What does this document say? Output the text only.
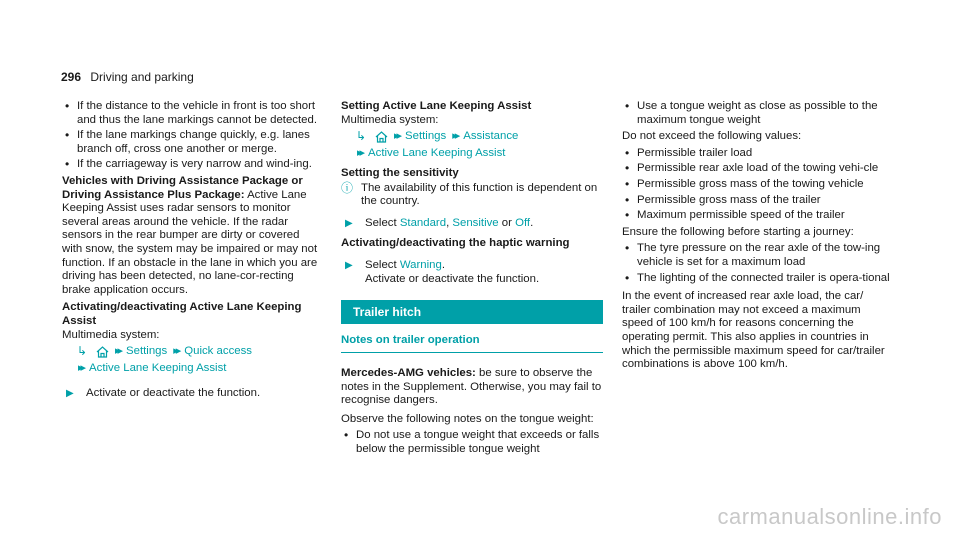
296 Driving and parking
• If the distance to the vehicle in front is too short and thus the lane markings cannot be detected.
• If the lane markings change quickly, e.g. lanes branch off, cross one another or merge.
• If the carriageway is very narrow and wind-ing.

Vehicles with Driving Assistance Package or Driving Assistance Plus Package: Active Lane Keeping Assist uses radar sensors to monitor several areas around the vehicle. If the radar sensors in the rear bumper are dirty or covered with snow, the system may be impaired or may not function. If an obstacle in the lane in which you are driving has been detected, no lane-cor-recting brake application occurs.

Activating/deactivating Active Lane Keeping Assist

Multimedia system:

↳	▸▸ Settings ▸▸ Quick access
▸▸ Active Lane Keeping Assist
▶ Activate or deactivate the function.

Setting Active Lane Keeping Assist

Multimedia system:

↳	▸▸ Settings ▸▸ Assistance
▸▸ Active Lane Keeping Assist

Setting the sensitivity

ⓘ The availability of this function is dependent on the country.
▶ Select Standard, Sensitive or Off.

Activating/deactivating the haptic warning

▶ Select Warning.
Activate or deactivate the function.
Trailer hitch
Notes on trailer operation

Mercedes-AMG vehicles: be sure to observe the notes in the Supplement. Otherwise, you may fail to recognise dangers.

Observe the following notes on the tongue weight:

• Do not use a tongue weight that exceeds or falls below the permissible tongue weight
• Use a tongue weight as close as possible to the maximum tongue weight

Do not exceed the following values:

• Permissible trailer load
• Permissible rear axle load of the towing vehi-cle
• Permissible gross mass of the towing vehicle
• Permissible gross mass of the trailer
• Maximum permissible speed of the trailer

Ensure the following before starting a journey:

• The tyre pressure on the rear axle of the tow-ing vehicle is set for a maximum load
• The lighting of the connected trailer is opera-tional

In the event of increased rear axle load, the car/ trailer combination may not exceed a maximum speed of 100 km/h for reasons concerning the operating permit. This also applies in countries in which the permissible maximum speed for car/trailer combinations is above 100 km/h.

carmanualsonline.info
